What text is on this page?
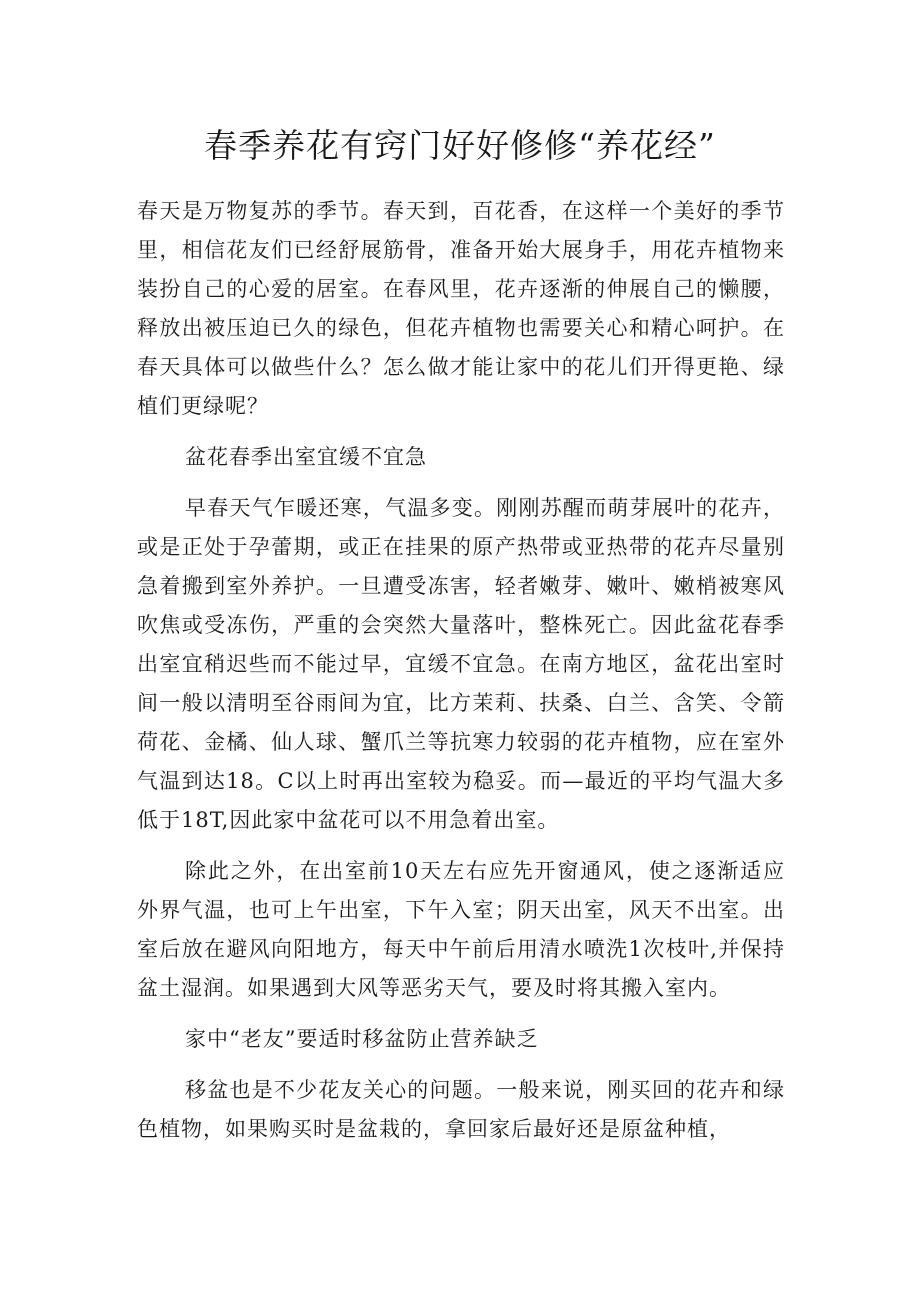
春季养花有窍门好好修修“养花经”

春天是万物复苏的季节。春天到，百花香，在这样一个美好的季节里，相信花友们已经舒展筋骨，准备开始大展身手，用花卉植物来装扮自己的心爱的居室。在春风里，花卉逐渐的伸展自己的懒腰，释放出被压迫已久的绿色，但花卉植物也需要关心和精心呵护。在春天具体可以做些什么？怎么做才能让家中的花儿们开得更艳、绿植们更绿呢？

盆花春季出室宜缓不宜急

早春天气乍暖还寒，气温多变。刚刚苏醒而萌芽展叶的花卉，或是正处于孕蕾期，或正在挂果的原产热带或亚热带的花卉尽量别急着搬到室外养护。一旦遭受冻害，轻者嫩芽、嫩叶、嫩梢被寒风吹焦或受冻伤，严重的会突然大量落叶，整株死亡。因此盆花春季出室宜稍迟些而不能过早，宜缓不宜急。在南方地区，盆花出室时间一般以清明至谷雨间为宜，比方茉莉、扶桑、白兰、含笑、令箭荷花、金橘、仙人球、蟹爪兰等抗寒力较弱的花卉植物，应在室外气温到达18。C以上时再出室较为稳妥。而—最近的平均气温大多低于18T,因此家中盆花可以不用急着出室。

除此之外，在出室前10天左右应先开窗通风，使之逐渐适应外界气温，也可上午出室，下午入室；阴天出室，风天不出室。出室后放在避风向阳地方，每天中午前后用清水喷洗1次枝叶,并保持盆土湿润。如果遇到大风等恶劣天气，要及时将其搬入室内。

家中“老友”要适时移盆防止营养缺乏

移盆也是不少花友关心的问题。一般来说，刚买回的花卉和绿色植物，如果购买时是盆栽的，拿回家后最好还是原盆种植，
